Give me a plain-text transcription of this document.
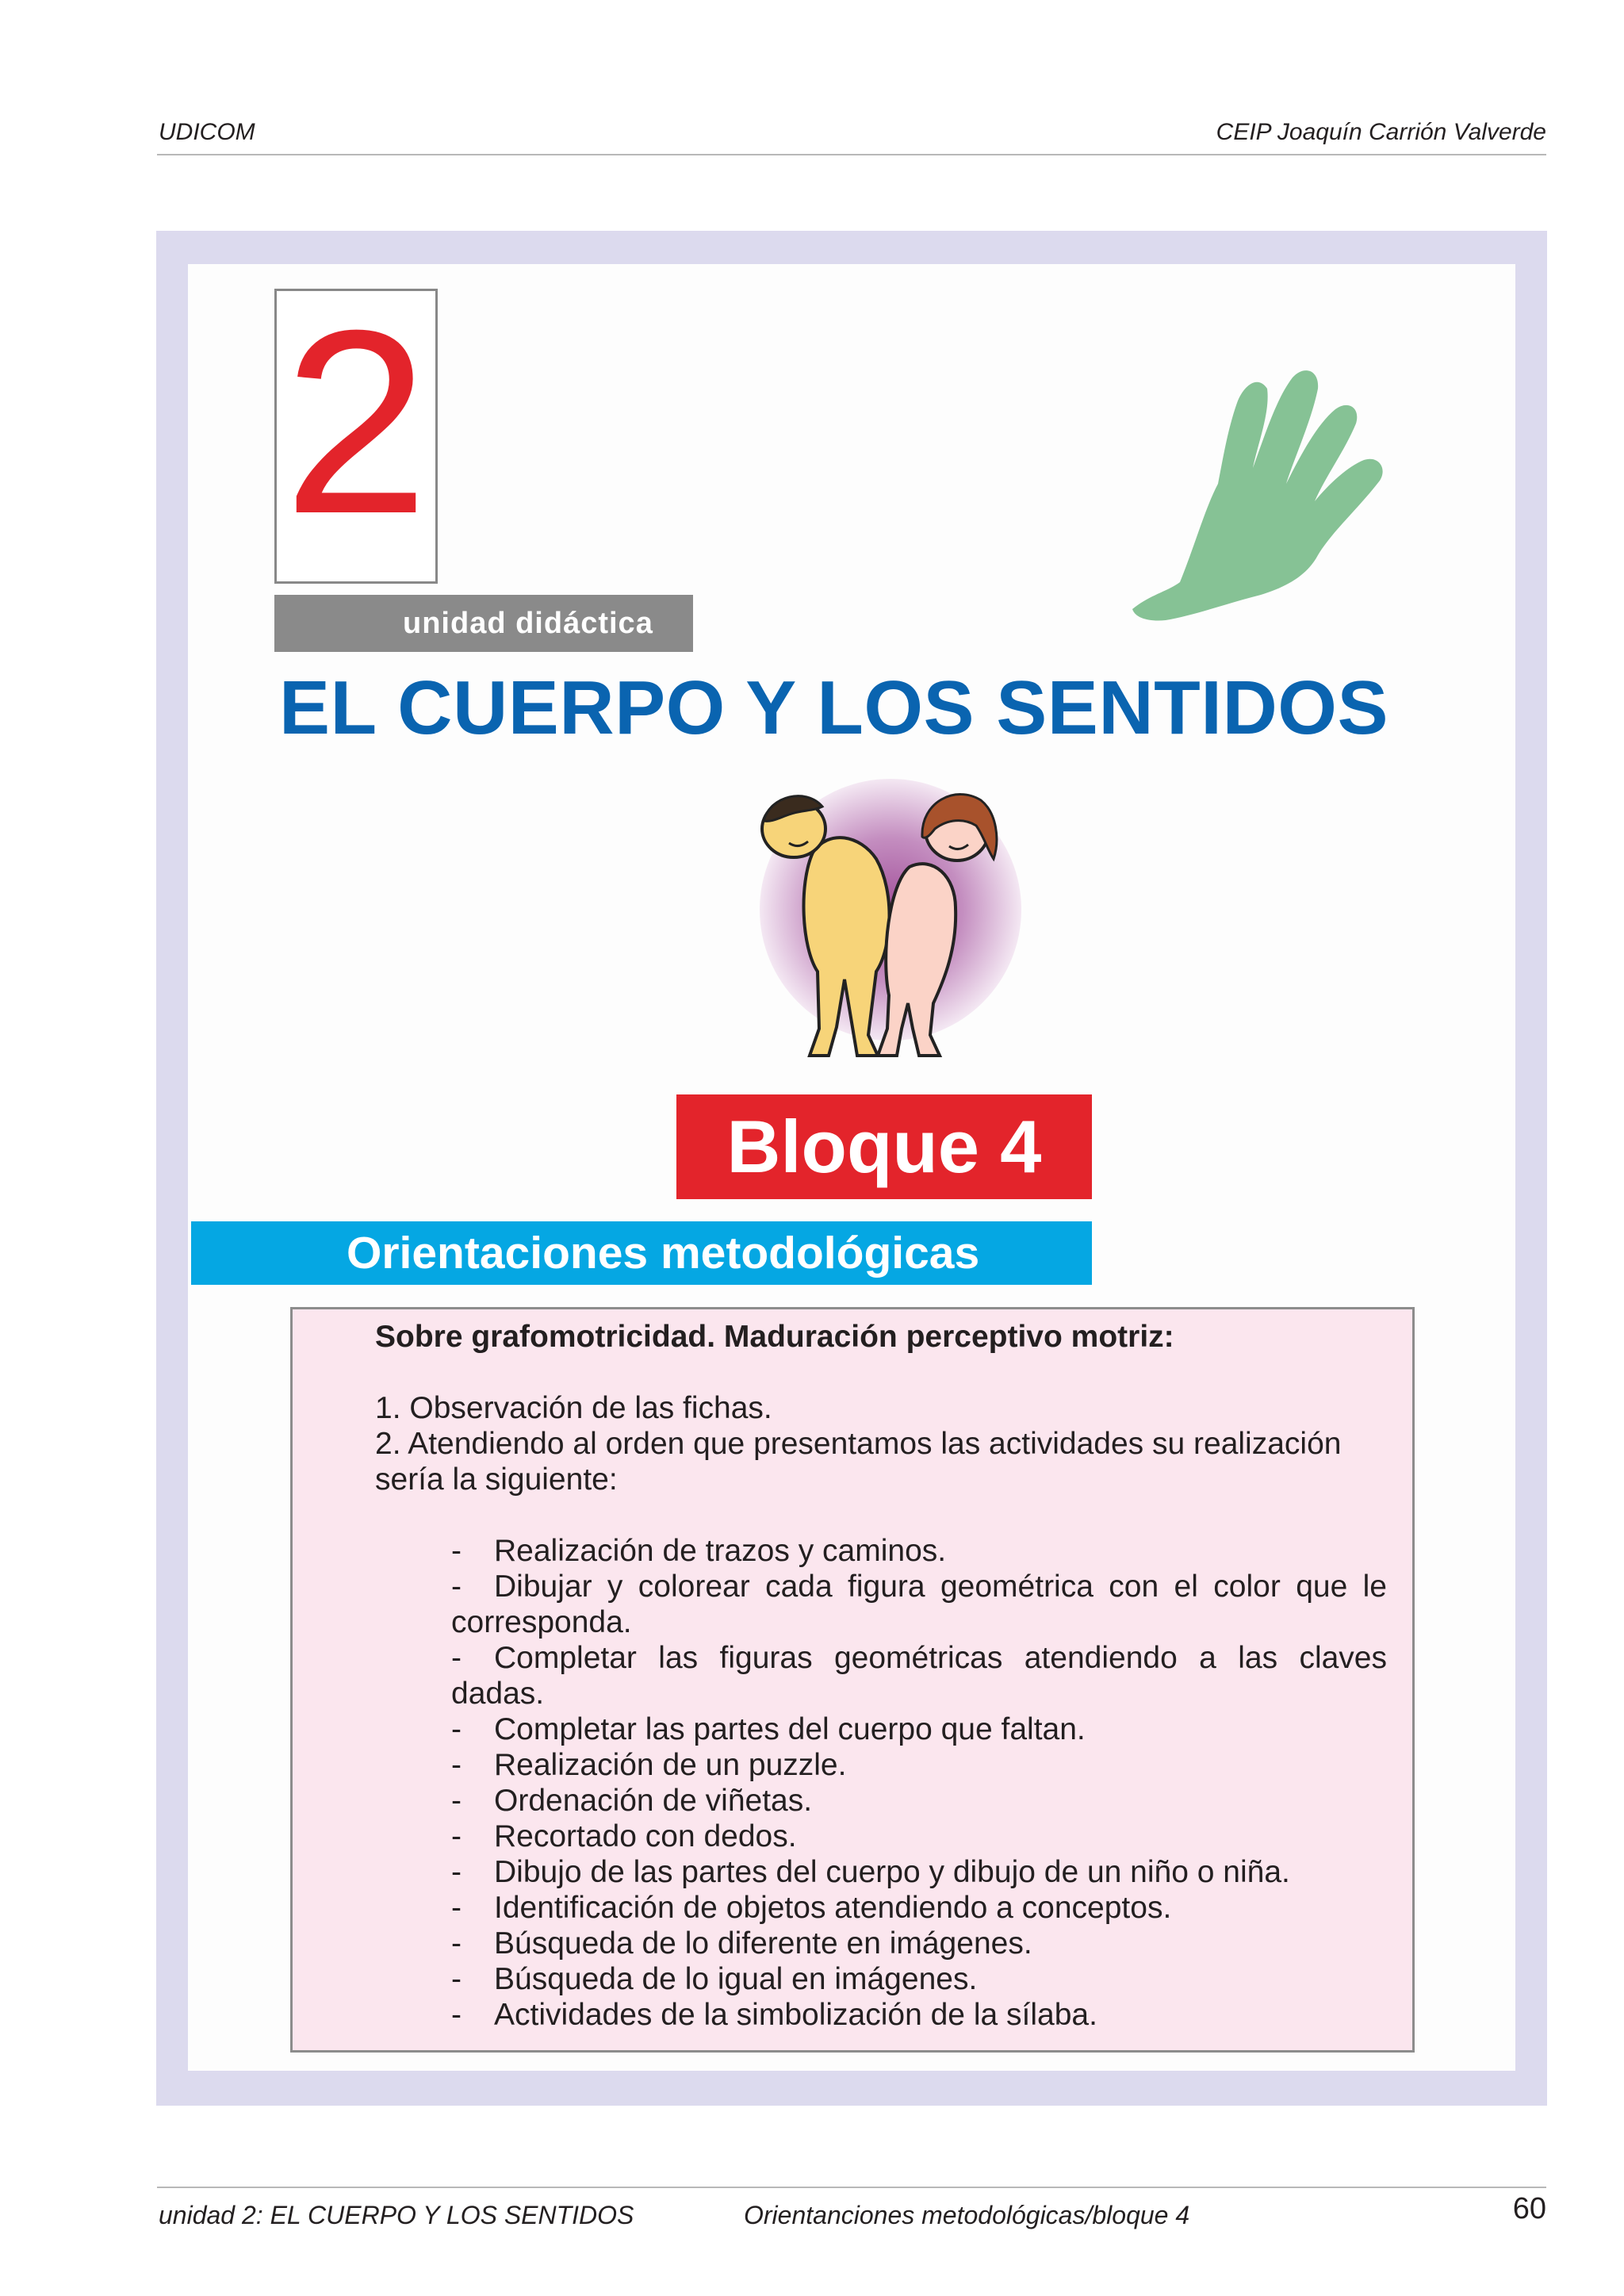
UDICOM	CEIP Joaquín Carrión Valverde
2
unidad didáctica
EL CUERPO Y LOS SENTIDOS
Bloque 4
Orientaciones metodológicas
Sobre grafomotricidad. Maduración perceptivo motriz:
1. Observación de las fichas.
2. Atendiendo al orden que presentamos las actividades su realización sería la siguiente:
- Realización de trazos y caminos.
- Dibujar y colorear cada figura geométrica con el color que le corresponda.
- Completar las figuras geométricas atendiendo a las claves dadas.
- Completar las partes del cuerpo que faltan.
- Realización de un puzzle.
- Ordenación de viñetas.
- Recortado con dedos.
- Dibujo de las partes del cuerpo y dibujo de un niño o niña.
- Identificación de objetos atendiendo a conceptos.
- Búsqueda de lo diferente en imágenes.
- Búsqueda de lo igual en imágenes.
- Actividades de la simbolización de la sílaba.
unidad 2: EL CUERPO Y LOS SENTIDOS	Orientanciones metodológicas/bloque 4	60
